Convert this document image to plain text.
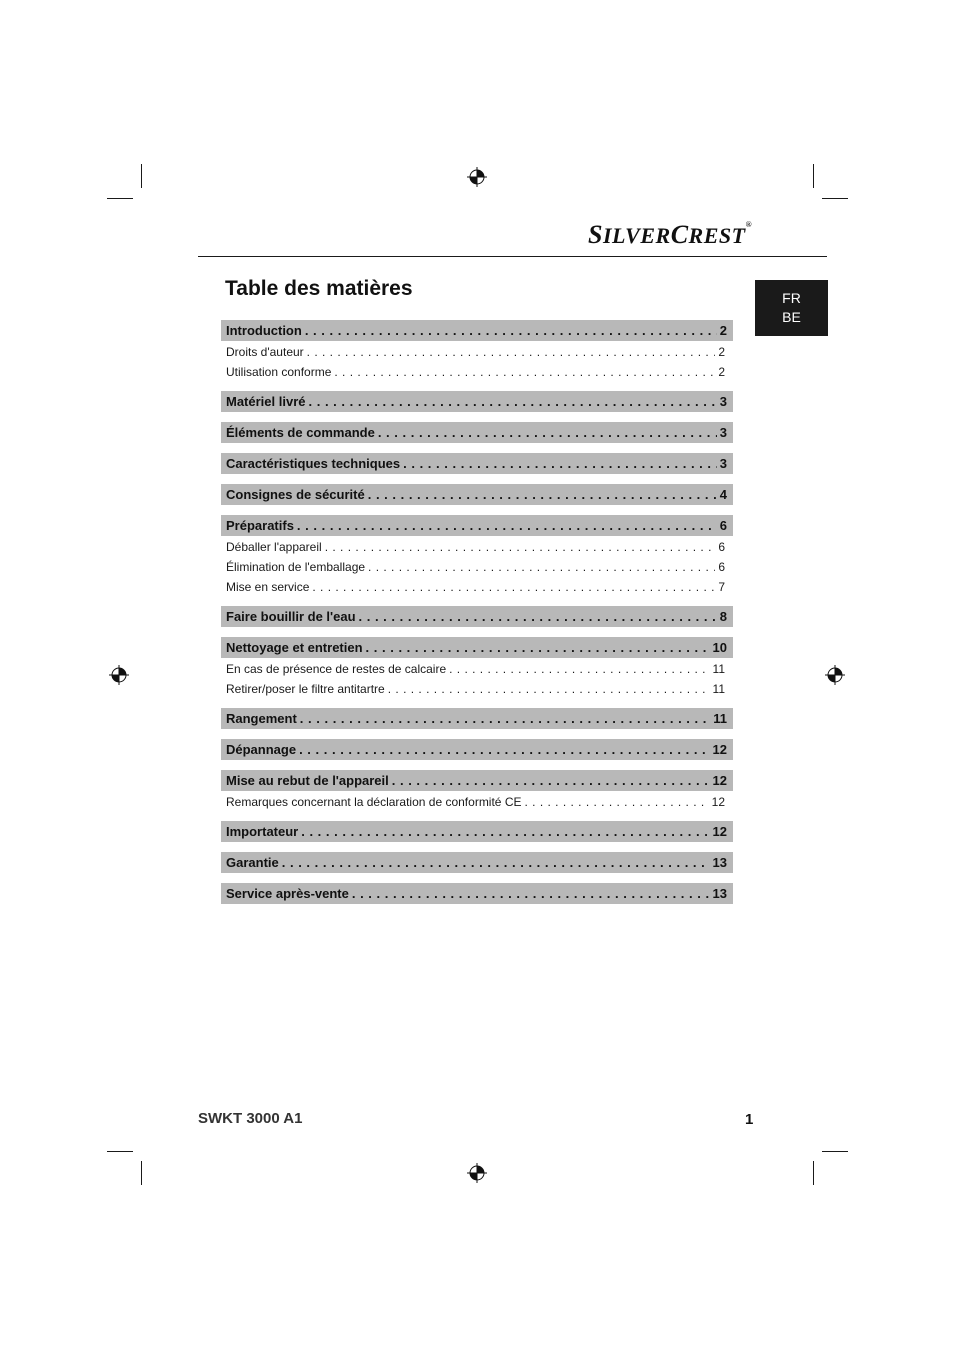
SILVERCREST®
FR
BE
Table des matières
Introduction . . .	2
Droits d'auteur . . .	2
Utilisation conforme . . .	2
Matériel livré . . .	3
Éléments de commande . . .	3
Caractéristiques techniques . . .	3
Consignes de sécurité . . .	4
Préparatifs . . .	6
Déballer l'appareil . . .	6
Élimination de l'emballage . . .	6
Mise en service . . .	7
Faire bouillir de l'eau . . .	8
Nettoyage et entretien . . .	10
En cas de présence de restes de calcaire . . .	11
Retirer/poser le filtre antitartre . . .	11
Rangement . . .	11
Dépannage . . .	12
Mise au rebut de l'appareil . . .	12
Remarques concernant la déclaration de conformité CE . . .	12
Importateur . . .	12
Garantie . . .	13
Service après-vente . . .	13
SWKT 3000 A1	1
